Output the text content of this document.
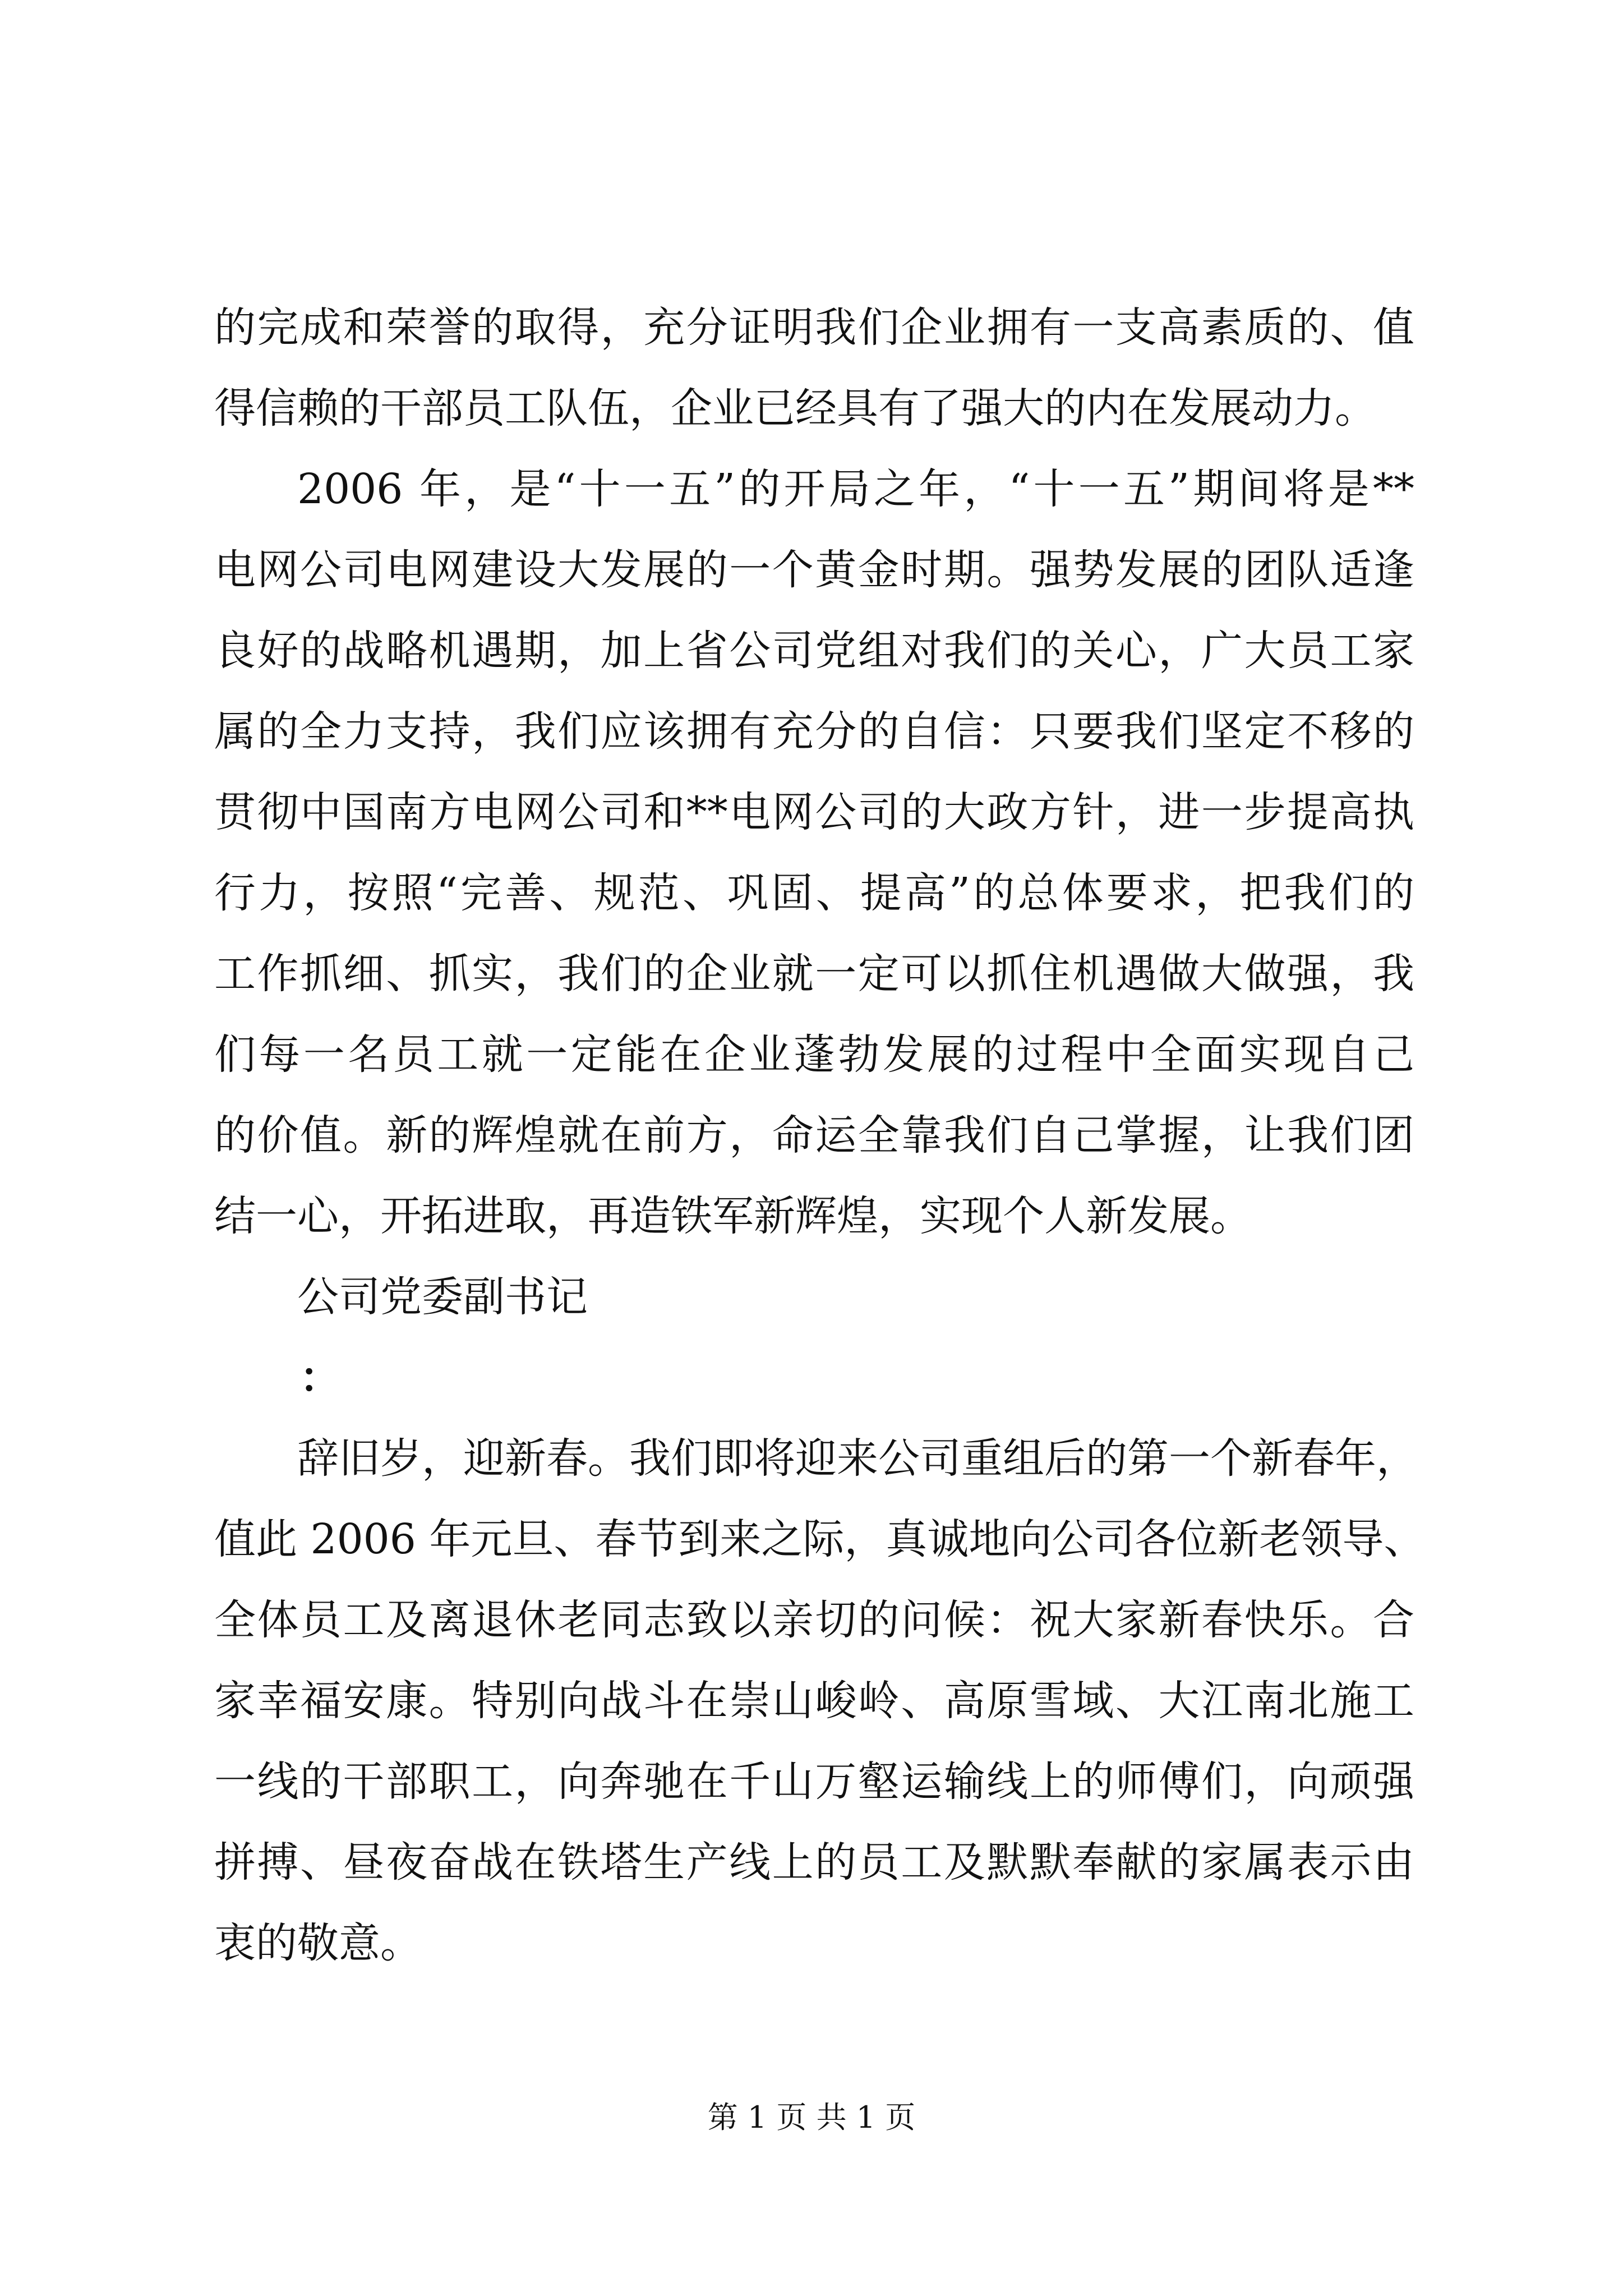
的完成和荣誉的取得，充分证明我们企业拥有一支高素质的、值
得信赖的干部员工队伍，企业已经具有了强大的内在发展动力。
2006 年，是“十一五”的开局之年，“十一五”期间将是**
电网公司电网建设大发展的一个黄金时期。强势发展的团队适逢
良好的战略机遇期，加上省公司党组对我们的关心，广大员工家
属的全力支持，我们应该拥有充分的自信：只要我们坚定不移的
贯彻中国南方电网公司和**电网公司的大政方针，进一步提高执
行力，按照“完善、规范、巩固、提高”的总体要求，把我们的
工作抓细、抓实，我们的企业就一定可以抓住机遇做大做强，我
们每一名员工就一定能在企业蓬勃发展的过程中全面实现自己
的价值。新的辉煌就在前方，命运全靠我们自己掌握，让我们团
结一心，开拓进取，再造铁军新辉煌，实现个人新发展。
公司党委副书记
：
辞旧岁，迎新春。我们即将迎来公司重组后的第一个新春年，
值此 2006 年元旦、春节到来之际，真诚地向公司各位新老领导、
全体员工及离退休老同志致以亲切的问候：祝大家新春快乐。合
家幸福安康。特别向战斗在崇山峻岭、高原雪域、大江南北施工
一线的干部职工，向奔驰在千山万壑运输线上的师傅们，向顽强
拼搏、昼夜奋战在铁塔生产线上的员工及默默奉献的家属表示由
衷的敬意。
第 1 页 共 1 页
